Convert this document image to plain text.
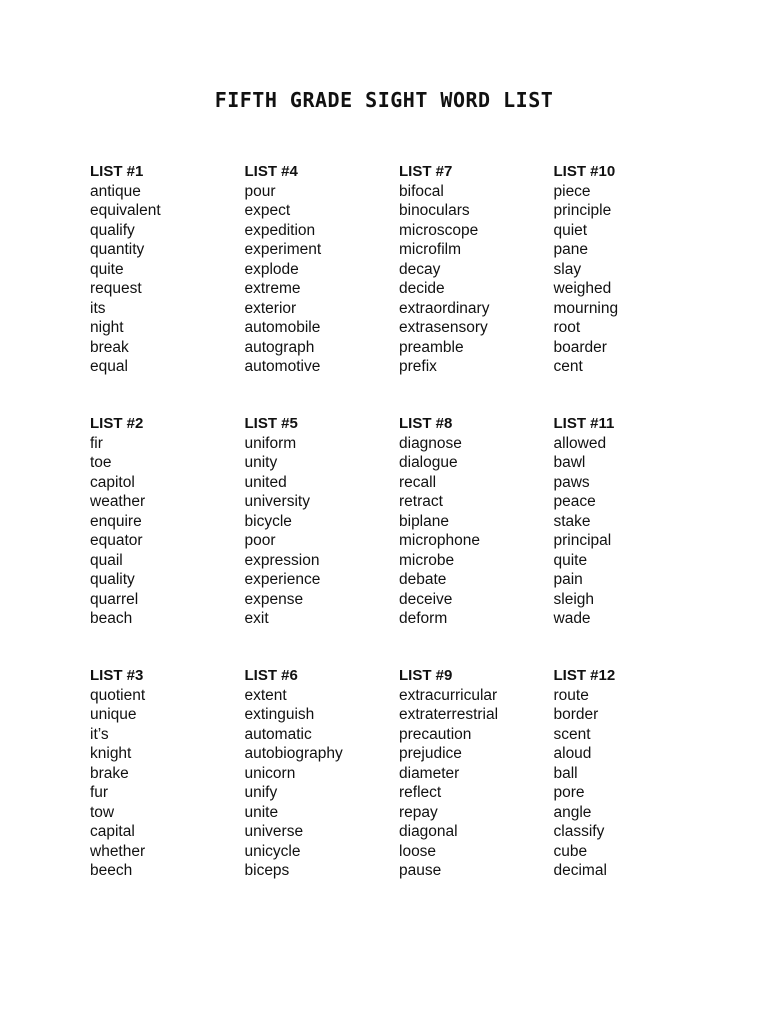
FIFTH GRADE SIGHT WORD LIST
LIST #1
antique
equivalent
qualify
quantity
quite
request
its
night
break
equal
LIST #4
pour
expect
expedition
experiment
explode
extreme
exterior
automobile
autograph
automotive
LIST #7
bifocal
binoculars
microscope
microfilm
decay
decide
extraordinary
extrasensory
preamble
prefix
LIST #10
piece
principle
quiet
pane
slay
weighed
mourning
root
boarder
cent
LIST #2
fir
toe
capitol
weather
enquire
equator
quail
quality
quarrel
beach
LIST #5
uniform
unity
united
university
bicycle
poor
expression
experience
expense
exit
LIST #8
diagnose
dialogue
recall
retract
biplane
microphone
microbe
debate
deceive
deform
LIST #11
allowed
bawl
paws
peace
stake
principal
quite
pain
sleigh
wade
LIST #3
quotient
unique
it’s
knight
brake
fur
tow
capital
whether
beech
LIST #6
extent
extinguish
automatic
autobiography
unicorn
unify
unite
universe
unicycle
biceps
LIST #9
extracurricular
extraterrestrial
precaution
prejudice
diameter
reflect
repay
diagonal
loose
pause
LIST #12
route
border
scent
aloud
ball
pore
angle
classify
cube
decimal
